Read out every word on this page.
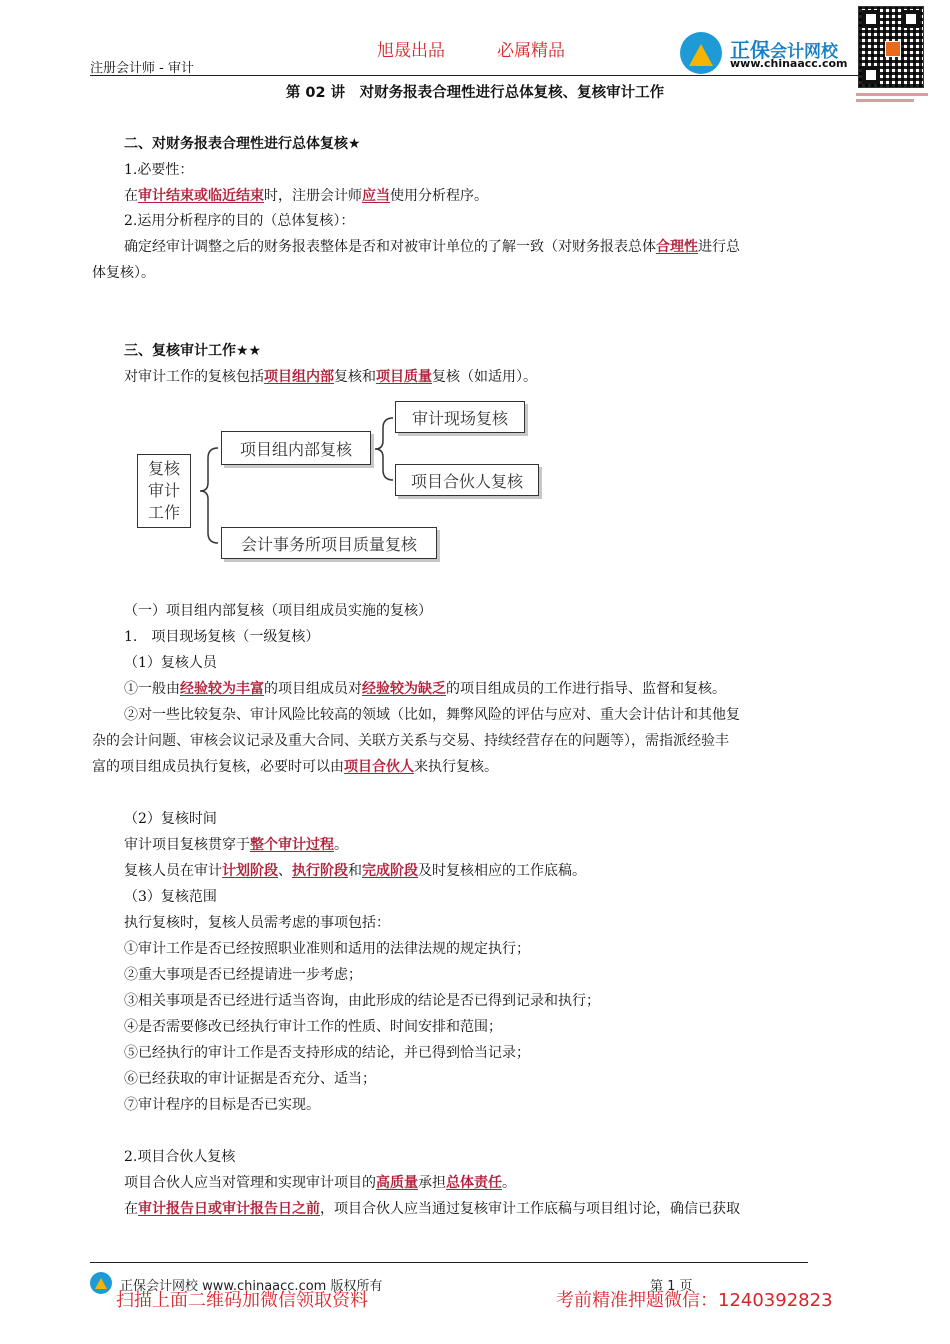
注册会计师 - 审计
旭晟出品	必属精品	正保会计网校
www.chinaacc.com
第 02 讲　对财务报表合理性进行总体复核、复核审计工作
二、对财务报表合理性进行总体复核★
1.必要性：
在审计结束或临近结束时，注册会计师应当使用分析程序。
2.运用分析程序的目的（总体复核）：
确定经审计调整之后的财务报表整体是否和对被审计单位的了解一致（对财务报表总体合理性进行总
体复核）。
三、复核审计工作★★
对审计工作的复核包括项目组内部复核和项目质量复核（如适用）。
复核
审计
工作
项目组内部复核
会计事务所项目质量复核
审计现场复核
项目合伙人复核
（一）项目组内部复核（项目组成员实施的复核）
1.　项目现场复核（一级复核）
（1）复核人员
①一般由经验较为丰富的项目组成员对经验较为缺乏的项目组成员的工作进行指导、监督和复核。
②对一些比较复杂、审计风险比较高的领域（比如，舞弊风险的评估与应对、重大会计估计和其他复
杂的会计问题、审核会议记录及重大合同、关联方关系与交易、持续经营存在的问题等），需指派经验丰
富的项目组成员执行复核，必要时可以由项目合伙人来执行复核。
（2）复核时间
审计项目复核贯穿于整个审计过程。
复核人员在审计计划阶段、执行阶段和完成阶段及时复核相应的工作底稿。
（3）复核范围
执行复核时，复核人员需考虑的事项包括：
①审计工作是否已经按照职业准则和适用的法律法规的规定执行；
②重大事项是否已经提请进一步考虑；
③相关事项是否已经进行适当咨询，由此形成的结论是否已得到记录和执行；
④是否需要修改已经执行审计工作的性质、时间安排和范围；
⑤已经执行的审计工作是否支持形成的结论，并已得到恰当记录；
⑥已经获取的审计证据是否充分、适当；
⑦审计程序的目标是否已实现。
2.项目合伙人复核
项目合伙人应当对管理和实现审计项目的高质量承担总体责任。
在审计报告日或审计报告日之前，项目合伙人应当通过复核审计工作底稿与项目组讨论，确信已获取
正保会计网校 www.chinaacc.com 版权所有	第 1 页
扫描上面二维码加微信领取资料	考前精准押题微信：1240392823
